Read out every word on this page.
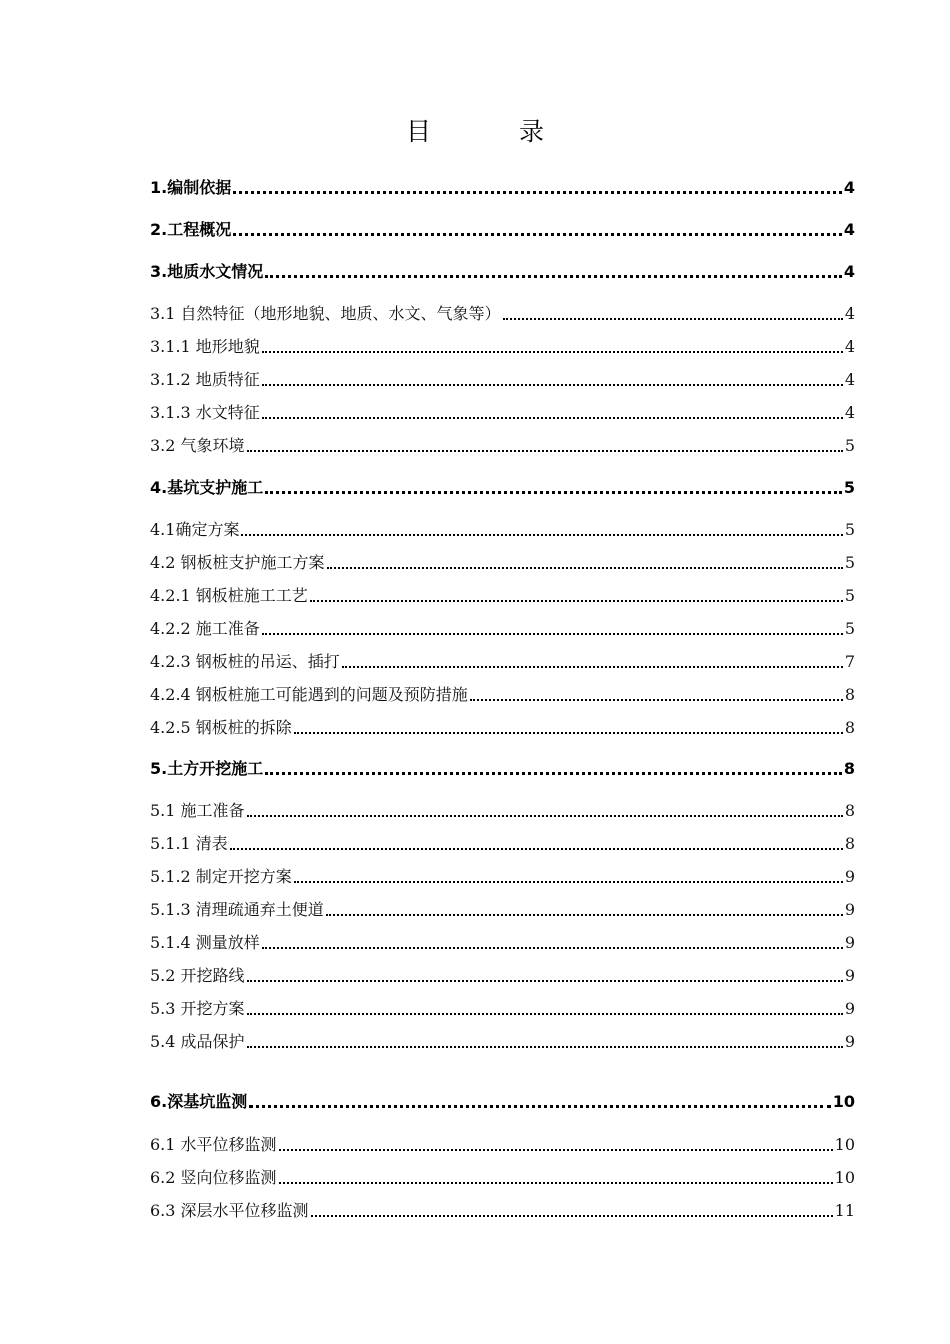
目 录
1.编制依据	4
2.工程概况	4
3.地质水文情况	4
3.1 自然特征（地形地貌、地质、水文、气象等）	4
3.1.1 地形地貌	4
3.1.2 地质特征	4
3.1.3 水文特征	4
3.2 气象环境	5
4.基坑支护施工	5
4.1确定方案	5
4.2 钢板桩支护施工方案	5
4.2.1 钢板桩施工工艺	5
4.2.2 施工准备	5
4.2.3 钢板桩的吊运、插打	7
4.2.4 钢板桩施工可能遇到的问题及预防措施	8
4.2.5 钢板桩的拆除	8
5.土方开挖施工	8
5.1 施工准备	8
5.1.1 清表	8
5.1.2 制定开挖方案	9
5.1.3 清理疏通弃土便道	9
5.1.4 测量放样	9
5.2 开挖路线	9
5.3 开挖方案	9
5.4 成品保护	9
6.深基坑监测	10
6.1 水平位移监测	10
6.2 竖向位移监测	10
6.3 深层水平位移监测	11
